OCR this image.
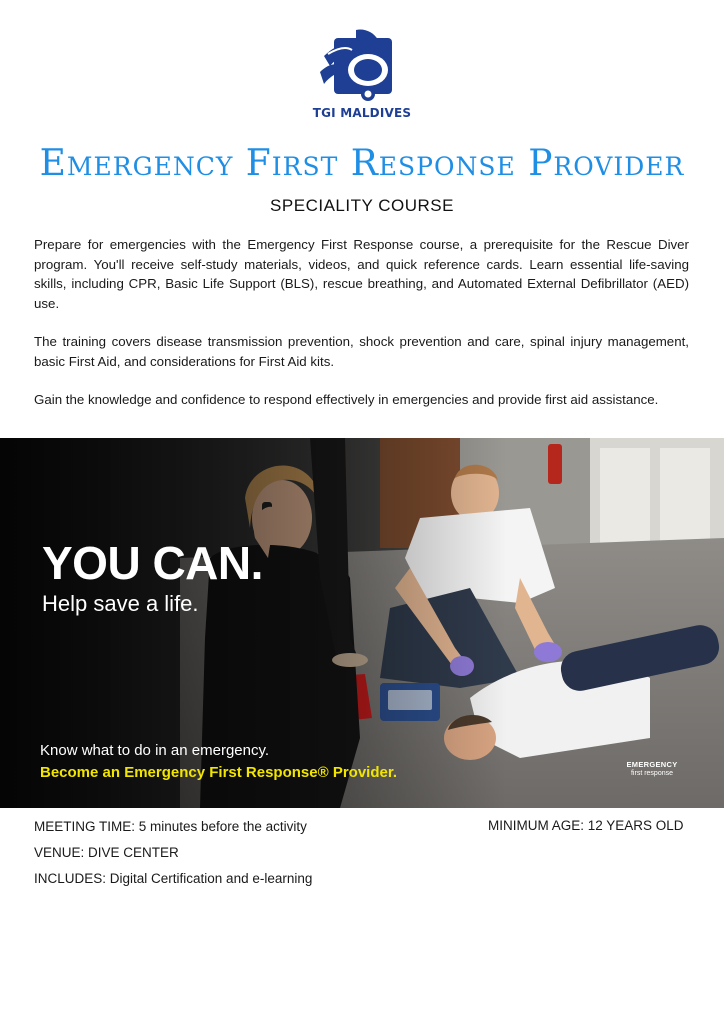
TGI MALDIVES
Emergency First Response Provider
SPECIALITY COURSE

Prepare for emergencies with the Emergency First Response course, a prerequisite for the Rescue Diver program. You'll receive self-study materials, videos, and quick reference cards. Learn essential life-saving skills, including CPR, Basic Life Support (BLS), rescue breathing, and Automated External Defibrillator (AED) use.

The training covers disease transmission prevention, shock prevention and care, spinal injury management, basic First Aid, and considerations for First Aid kits.

Gain the knowledge and confidence to respond effectively in emergencies and provide first aid assistance.

YOU CAN.
Help save a life.
Know what to do in an emergency.
Become an Emergency First Response® Provider.	EMERGENCY
first response
MEETING TIME: 5 minutes before the activity
VENUE: DIVE CENTER
INCLUDES: Digital Certification and e-learning
MINIMUM AGE: 12 YEARS OLD
